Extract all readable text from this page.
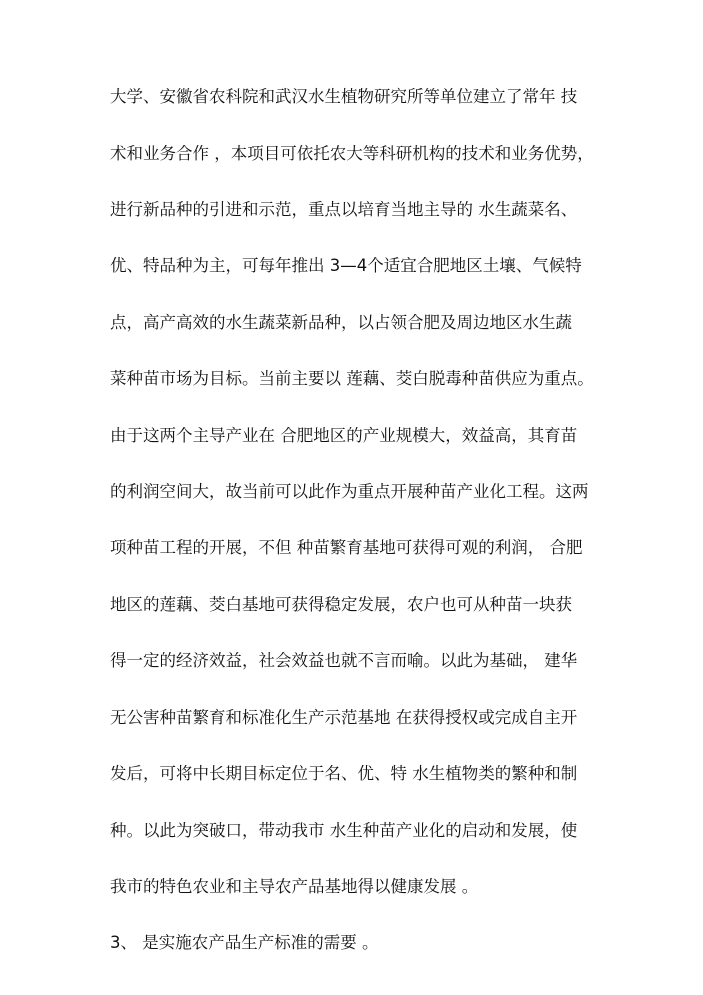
大学、安徽省农科院和武汉水生植物研究所等单位建立了常年 技
术和业务合作 ，本项目可依托农大等科研机构的技术和业务优势，
进行新品种的引进和示范，重点以培育当地主导的 水生蔬菜名、
优、特品种为主，可每年推出 3—4个适宜合肥地区土壤、气候特
点，高产高效的水生蔬菜新品种，以占领合肥及周边地区水生蔬
菜种苗市场为目标。当前主要以 莲藕、茭白脱毒种苗供应为重点。
由于这两个主导产业在 合肥地区的产业规模大，效益高，其育苗
的利润空间大，故当前可以此作为重点开展种苗产业化工程。这两
项种苗工程的开展，不但 种苗繁育基地可获得可观的利润， 合肥
地区的莲藕、茭白基地可获得稳定发展，农户也可从种苗一块获
得一定的经济效益，社会效益也就不言而喻。以此为基础， 建华
无公害种苗繁育和标准化生产示范基地 在获得授权或完成自主开
发后，可将中长期目标定位于名、优、特 水生植物类的繁种和制
种。以此为突破口，带动我市 水生种苗产业化的启动和发展，使
我市的特色农业和主导农产品基地得以健康发展 。
3、 是实施农产品生产标准的需要 。
